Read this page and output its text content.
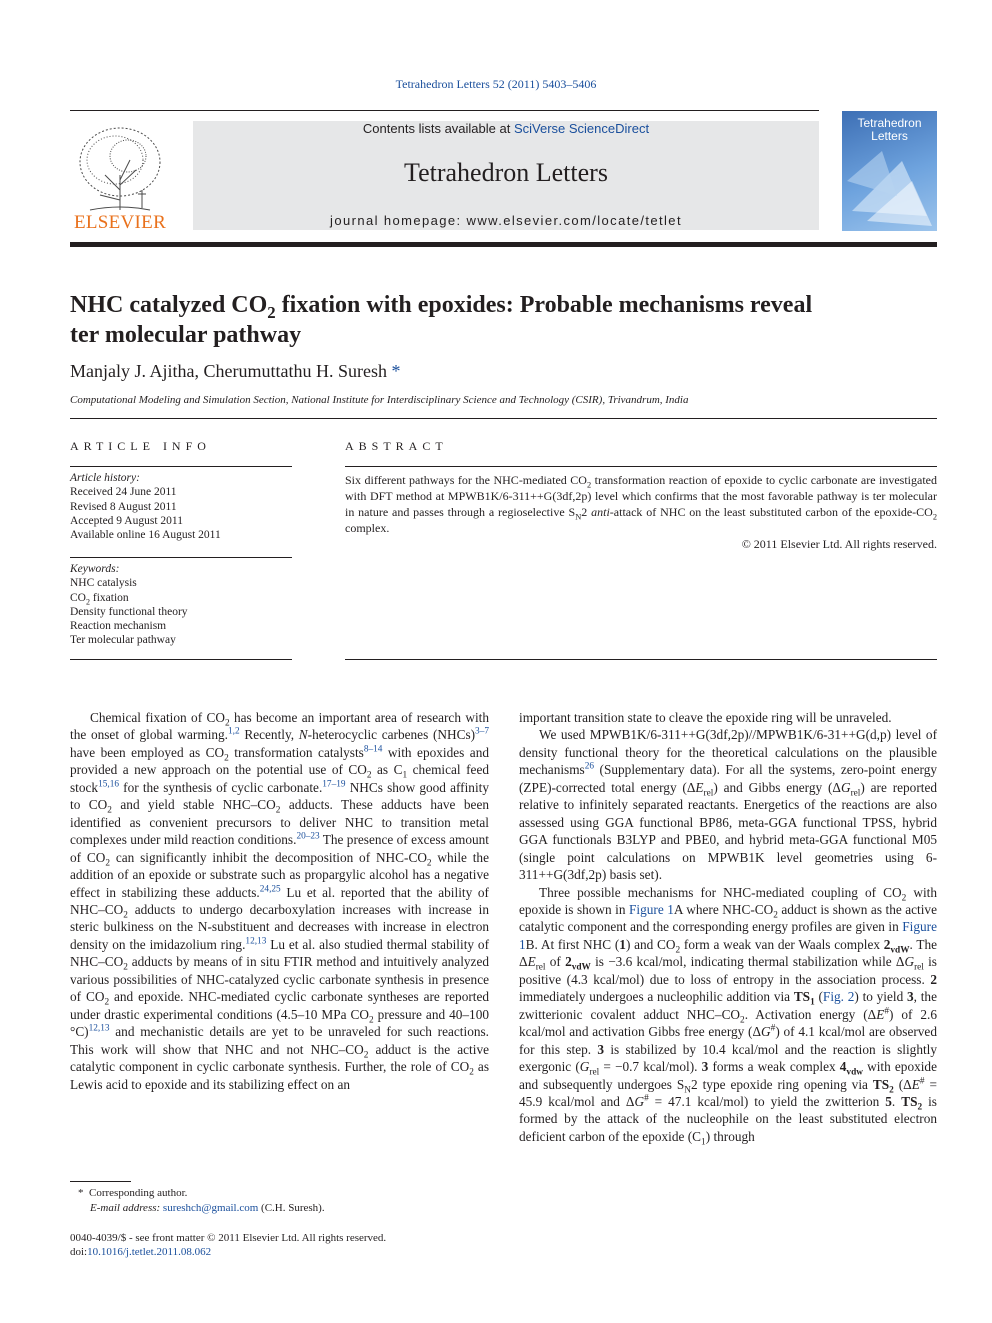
Tetrahedron Letters 52 (2011) 5403–5406
ELSEVIER
Contents lists available at SciVerse ScienceDirect
Tetrahedron Letters
journal homepage: www.elsevier.com/locate/tetlet
Tetrahedron
Letters
NHC catalyzed $CO_2$ fixation with epoxides: Probable mechanisms reveal
ter molecular pathway
Manjaly J. Ajitha, Cherumuttathu H. Suresh *
Computational Modeling and Simulation Section, National Institute for Interdisciplinary Science and Technology (CSIR), Trivandrum, India
ARTICLE INFO
Article history:
Received 24 June 2011
Revised 8 August 2011
Accepted 9 August 2011
Available online 16 August 2011
Keywords:
NHC catalysis
$CO_2$ fixation
Density functional theory
Reaction mechanism
Ter molecular pathway
ABSTRACT
Six different pathways for the NHC-mediated $CO_2$ transformation reaction of epoxide to cyclic carbonate are investigated with DFT method at MPWB1K/6-311++G(3df,2p) level which confirms that the most favorable pathway is ter molecular in nature and passes through a regioselective $S_N2$ anti-attack of NHC on the least substituted carbon of the epoxide-$CO_2$ complex.
© 2011 Elsevier Ltd. All rights reserved.

Chemical fixation of $CO_2$ has become an important area of research with the onset of global warming.$^{1,2}$ Recently, N-heterocyclic carbenes (NHCs)$^{3-7}$ have been employed as $CO_2$ transformation catalysts$^{8-14}$ with epoxides and provided a new approach on the potential use of $CO_2$ as $C_1$ chemical feed stock$^{15,16}$ for the synthesis of cyclic carbonate.$^{17-19}$ NHCs show good affinity to $CO_2$ and yield stable NHC–$CO_2$ adducts. These adducts have been identified as convenient precursors to deliver NHC to transition metal complexes under mild reaction conditions.$^{20-23}$ The presence of excess amount of $CO_2$ can significantly inhibit the decomposition of NHC-$CO_2$ while the addition of an epoxide or substrate such as propargylic alcohol has a negative effect in stabilizing these adducts.$^{24,25}$ Lu et al. reported that the ability of NHC–$CO_2$ adducts to undergo decarboxylation increases with increase in steric bulkiness on the N-substituent and decreases with increase in electron density on the imidazolium ring.$^{12,13}$ Lu et al. also studied thermal stability of NHC–$CO_2$ adducts by means of in situ FTIR method and intuitively analyzed various possibilities of NHC-catalyzed cyclic carbonate synthesis in presence of $CO_2$ and epoxide. NHC-mediated cyclic carbonate syntheses are reported under drastic experimental conditions (4.5–10 MPa $CO_2$ pressure and 40–100 °C)$^{12,13}$ and mechanistic details are yet to be unraveled for such reactions. This work will show that NHC and not NHC–$CO_2$ adduct is the active catalytic component in cyclic carbonate synthesis. Further, the role of $CO_2$ as Lewis acid to epoxide and its stabilizing effect on an

important transition state to cleave the epoxide ring will be unraveled.

We used MPWB1K/6-311++G(3df,2p)//MPWB1K/6-31++G(d,p) level of density functional theory for the theoretical calculations on the plausible mechanisms$^{26}$ (Supplementary data). For all the systems, zero-point energy (ZPE)-corrected total energy $(\Delta E_{rel})$ and Gibbs energy $(\Delta G_{rel})$ are reported relative to infinitely separated reactants. Energetics of the reactions are also assessed using GGA functional BP86, meta-GGA functional TPSS, hybrid GGA functionals B3LYP and PBE0, and hybrid meta-GGA functional M05 (single point calculations on MPWB1K level geometries using 6-311++G(3df,2p) basis set).

Three possible mechanisms for NHC-mediated coupling of $CO_2$ with epoxide is shown in Figure 1A where NHC-$CO_2$ adduct is shown as the active catalytic component and the corresponding energy profiles are given in Figure 1B. At first NHC (1) and $CO_2$ form a weak van der Waals complex $2_{vdW}$. The $\Delta E_{rel}$ of $2_{vdW}$ is −3.6 kcal/mol, indicating thermal stabilization while $\Delta G_{rel}$ is positive (4.3 kcal/mol) due to loss of entropy in the association process. 2 immediately undergoes a nucleophilic addition via $TS_1$ (Fig. 2) to yield 3, the zwitterionic covalent adduct NHC–$CO_2$. Activation energy (ΔE#) of 2.6 kcal/mol and activation Gibbs free energy (ΔG#) of 4.1 kcal/mol are observed for this step. 3 is stabilized by 10.4 kcal/mol and the reaction is slightly exergonic ($G_{rel} = -0.7$ kcal/mol). 3 forms a weak complex $4_{vdw}$ with epoxide and subsequently undergoes $S_N2$ type epoxide ring opening via $TS_2$ (ΔE# = 45.9 kcal/mol and ΔG# = 47.1 kcal/mol) to yield the zwitterion 5. $TS_2$ is formed by the attack of the nucleophile on the least substituted electron deficient carbon of the epoxide $(C_1)$ through

* Corresponding author.
E-mail address: sureshch@gmail.com (C.H. Suresh).
0040-4039/$ - see front matter © 2011 Elsevier Ltd. All rights reserved.
doi:10.1016/j.tetlet.2011.08.062
